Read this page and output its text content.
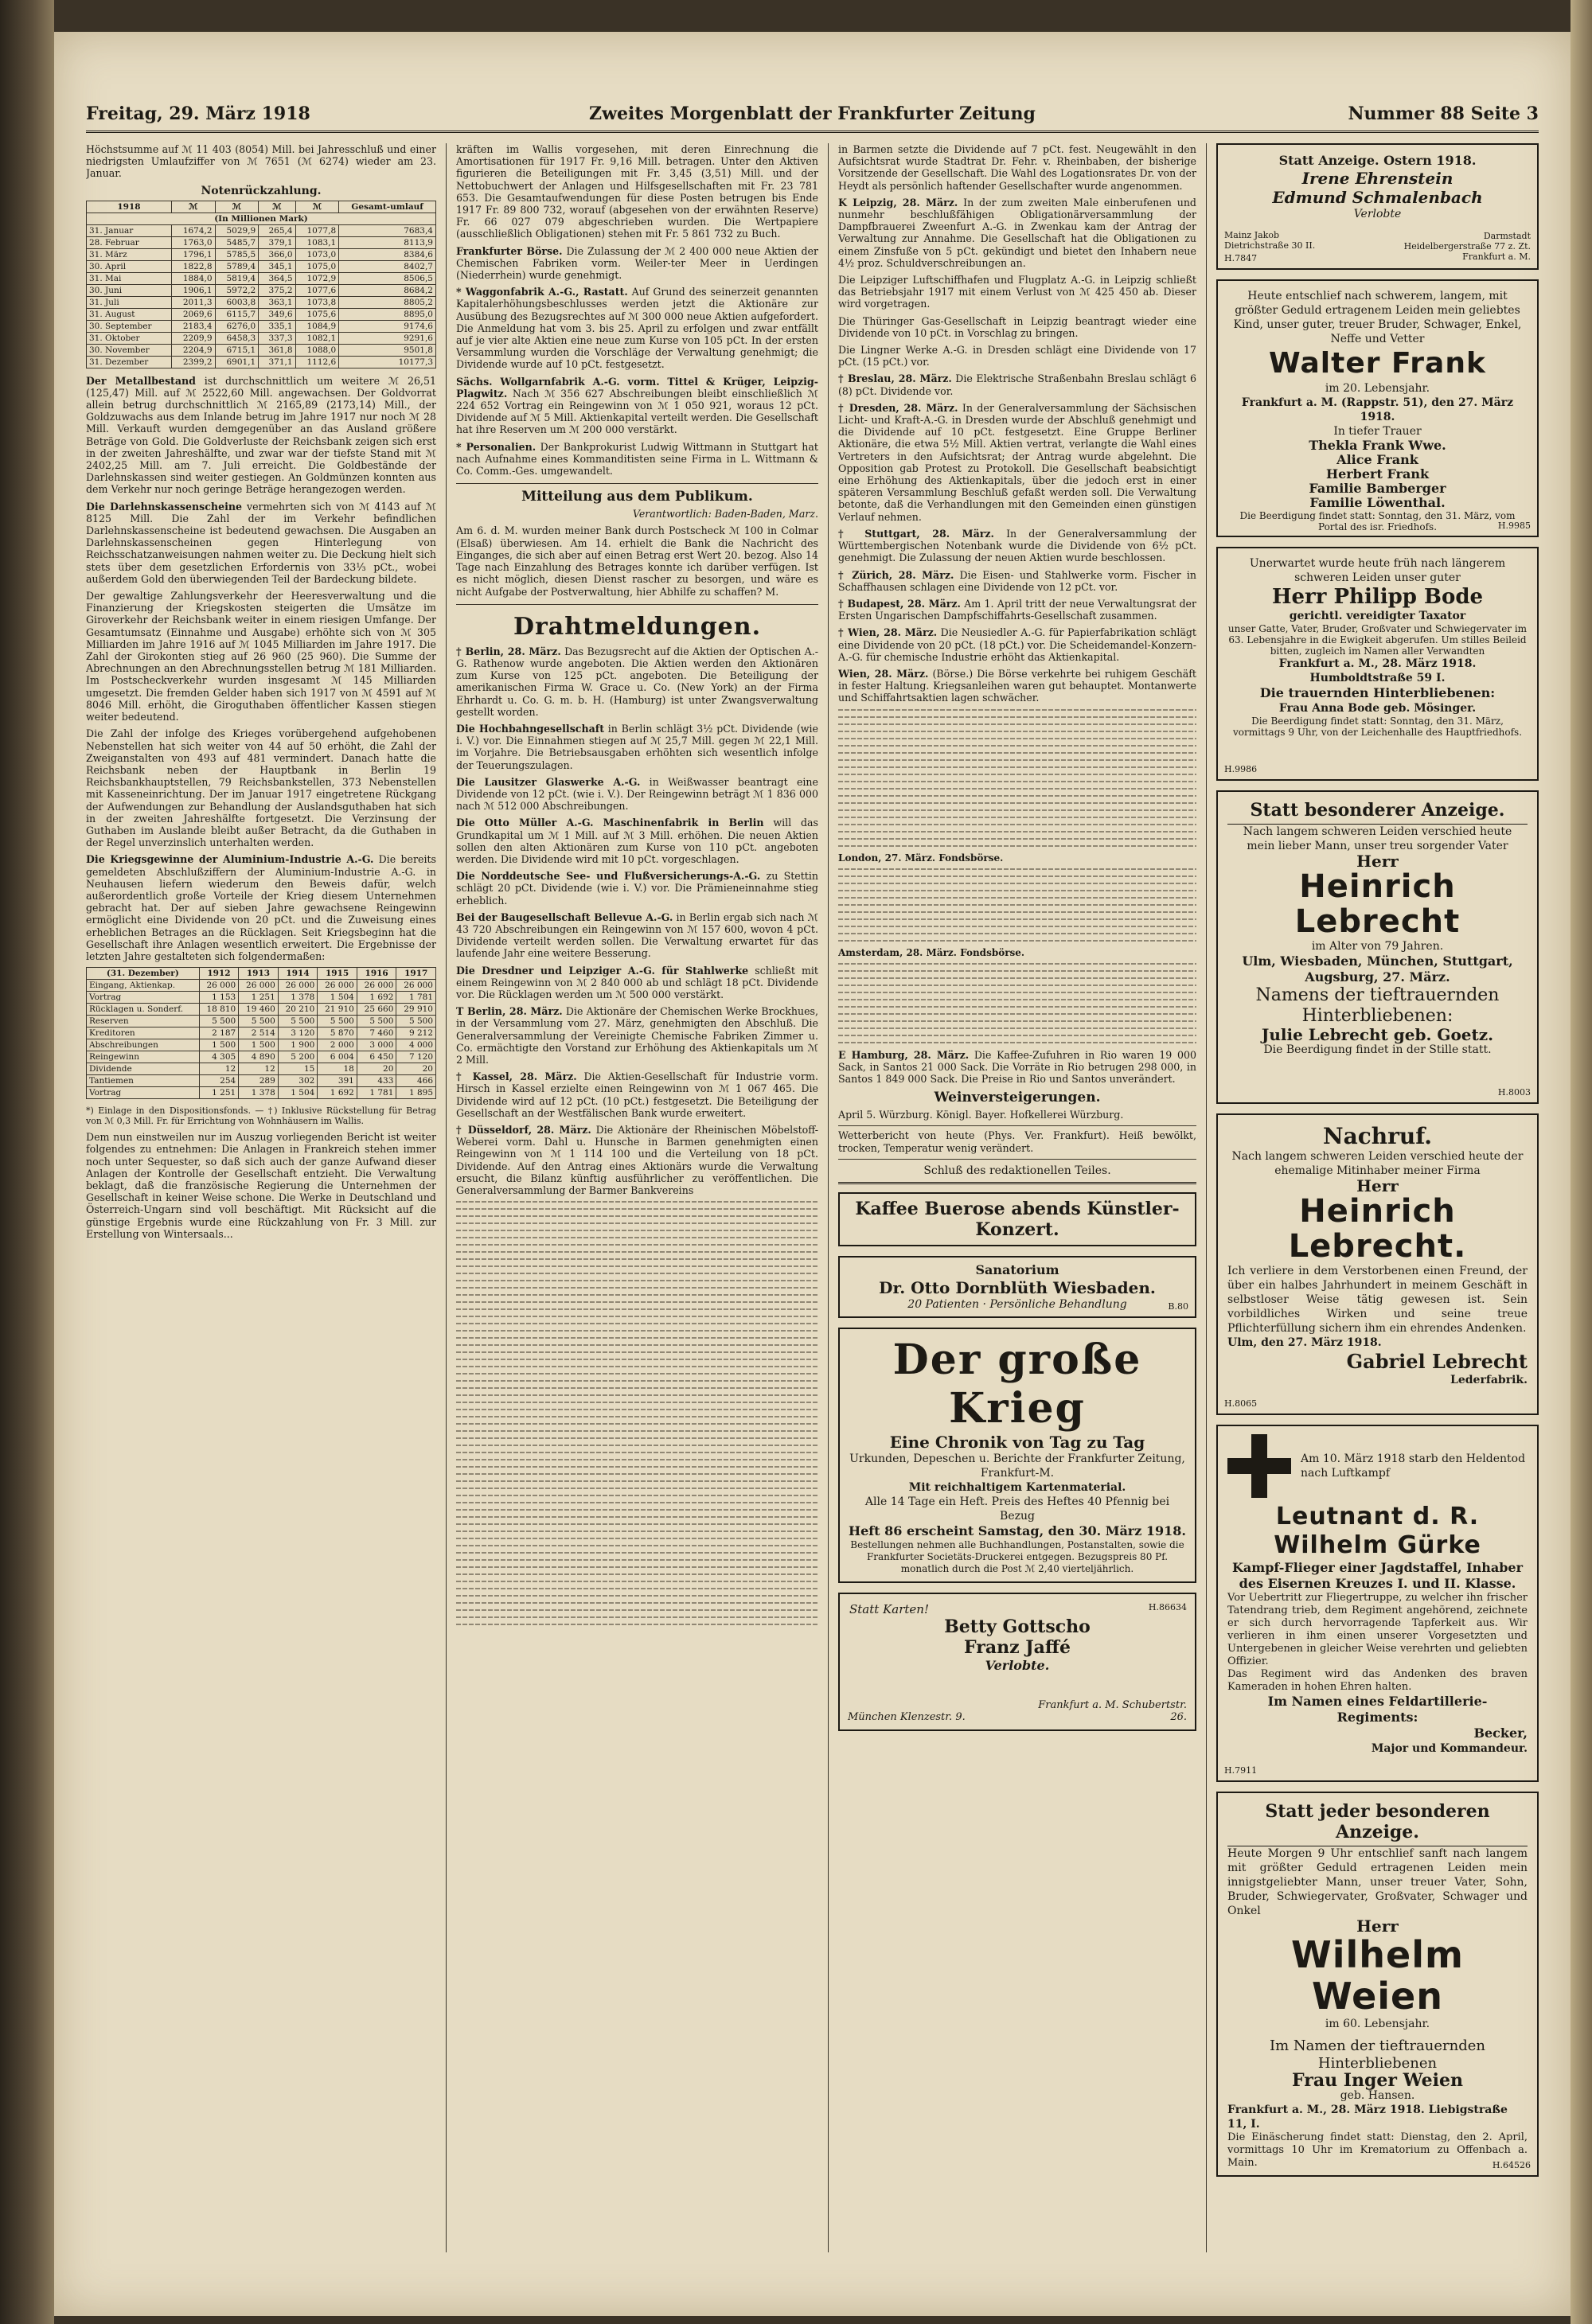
Freitag, 29. März 1918	Zweites Morgenblatt der Frankfurter Zeitung	Nummer 88 Seite 3
Höchstsumme auf ℳ 11 403 (8054) Mill. bei Jahresschluß und einer niedrigsten Umlaufziffer von ℳ 7651 (ℳ 6274) wieder am 23. Januar.
Notenrückzahlung.
1918	ℳ	ℳ	ℳ	ℳ	Gesamt-umlauf
(In Millionen Mark)					
31. Januar	1674,2	5029,9	265,4	1077,8	7683,4
28. Februar	1763,0	5485,7	379,1	1083,1	8113,9
31. März	1796,1	5785,5	366,0	1073,0	8384,6
30. April	1822,8	5789,4	345,1	1075,0	8402,7
31. Mai	1884,0	5819,4	364,5	1072,9	8506,5
30. Juni	1906,1	5972,2	375,2	1077,6	8684,2
31. Juli	2011,3	6003,8	363,1	1073,8	8805,2
31. August	2069,6	6115,7	349,6	1075,6	8895,0
30. September	2183,4	6276,0	335,1	1084,9	9174,6
31. Oktober	2209,9	6458,3	337,3	1082,1	9291,6
30. November	2204,9	6715,1	361,8	1088,0	9501,8
31. Dezember	2399,2	6901,1	371,1	1112,6	10177,3
Der Metallbestand ist durchschnittlich um weitere ℳ 26,51 (125,47) Mill. auf ℳ 2522,60 Mill. angewachsen. Der Goldvorrat allein betrug durchschnittlich ℳ 2165,89 (2173,14) Mill., der Goldzuwachs aus dem Inlande betrug im Jahre 1917 nur noch ℳ 28 Mill. Verkauft wurden demgegenüber an das Ausland größere Beträge von Gold. Die Goldverluste der Reichsbank zeigen sich erst in der zweiten Jahreshälfte, und zwar war der tiefste Stand mit ℳ 2402,25 Mill. am 7. Juli erreicht. Die Goldbestände der Darlehnskassen sind weiter gestiegen. An Goldmünzen konnten aus dem Verkehr nur noch geringe Beträge herangezogen werden.
Die Darlehnskassenscheine vermehrten sich von ℳ 4143 auf ℳ 8125 Mill. Die Zahl der im Verkehr befindlichen Darlehnskassenscheine ist bedeutend gewachsen. Die Ausgaben an Darlehnskassenscheinen gegen Hinterlegung von Reichsschatzanweisungen nahmen weiter zu. Die Deckung hielt sich stets über dem gesetzlichen Erfordernis von 33⅓ pCt., wobei außerdem Gold den überwiegenden Teil der Bardeckung bildete.
Der gewaltige Zahlungsverkehr der Heeresverwaltung und die Finanzierung der Kriegskosten steigerten die Umsätze im Giroverkehr der Reichsbank weiter in einem riesigen Umfange. Der Gesamtumsatz (Einnahme und Ausgabe) erhöhte sich von ℳ 305 Milliarden im Jahre 1916 auf ℳ 1045 Milliarden im Jahre 1917. Die Zahl der Girokonten stieg auf 26 960 (25 960). Die Summe der Abrechnungen an den Abrechnungsstellen betrug ℳ 181 Milliarden. Im Postscheckverkehr wurden insgesamt ℳ 145 Milliarden umgesetzt. Die fremden Gelder haben sich 1917 von ℳ 4591 auf ℳ 8046 Mill. erhöht, die Giroguthaben öffentlicher Kassen stiegen weiter bedeutend.
Die Zahl der infolge des Krieges vorübergehend aufgehobenen Nebenstellen hat sich weiter von 44 auf 50 erhöht, die Zahl der Zweiganstalten von 493 auf 481 vermindert. Danach hatte die Reichsbank neben der Hauptbank in Berlin 19 Reichsbankhauptstellen, 79 Reichsbankstellen, 373 Nebenstellen mit Kasseneinrichtung. Der im Januar 1917 eingetretene Rückgang der Aufwendungen zur Behandlung der Auslandsguthaben hat sich in der zweiten Jahreshälfte fortgesetzt. Die Verzinsung der Guthaben im Auslande bleibt außer Betracht, da die Guthaben in der Regel unverzinslich unterhalten werden.
Die Kriegsgewinne der Aluminium-Industrie A.-G. Die bereits gemeldeten Abschlußziffern der Aluminium-Industrie A.-G. in Neuhausen liefern wiederum den Beweis dafür, welch außerordentlich große Vorteile der Krieg diesem Unternehmen gebracht hat. Der auf sieben Jahre gewachsene Reingewinn ermöglicht eine Dividende von 20 pCt. und die Zuweisung eines erheblichen Betrages an die Rücklagen. Seit Kriegsbeginn hat die Gesellschaft ihre Anlagen wesentlich erweitert. Die Ergebnisse der letzten Jahre gestalteten sich folgendermaßen:
(31. Dezember)	1912	1913	1914	1915	1916	1917
Eingang, Aktienkap.	26 000	26 000	26 000	26 000	26 000	26 000
Vortrag	1 153	1 251	1 378	1 504	1 692	1 781
Rücklagen u. Sonderf.	18 810	19 460	20 210	21 910	25 660	29 910
Reserven	5 500	5 500	5 500	5 500	5 500	5 500
Kreditoren	2 187	2 514	3 120	5 870	7 460	9 212
Abschreibungen	1 500	1 500	1 900	2 000	3 000	4 000
Reingewinn	4 305	4 890	5 200	6 004	6 450	7 120
Dividende	12	12	15	18	20	20
Tantiemen	254	289	302	391	433	466
Vortrag	1 251	1 378	1 504	1 692	1 781	1 895
*) Einlage in den Dispositionsfonds. — †) Inklusive Rückstellung für Betrag von ℳ 0,3 Mill. Fr. für Errichtung von Wohnhäusern im Wallis.
Dem nun einstweilen nur im Auszug vorliegenden Bericht ist weiter folgendes zu entnehmen: Die Anlagen in Frankreich stehen immer noch unter Sequester, so daß sich auch der ganze Aufwand dieser Anlagen der Kontrolle der Gesellschaft entzieht. Die Verwaltung beklagt, daß die französische Regierung die Unternehmen der Gesellschaft in keiner Weise schone. Die Werke in Deutschland und Österreich-Ungarn sind voll beschäftigt. Mit Rücksicht auf die günstige Ergebnis wurde eine Rückzahlung von Fr. 3 Mill. zur Erstellung von Wintersaals...
kräften im Wallis vorgesehen, mit deren Einrechnung die Amortisationen für 1917 Fr. 9,16 Mill. betragen. Unter den Aktiven figurieren die Beteiligungen mit Fr. 3,45 (3,51) Mill. und der Nettobuchwert der Anlagen und Hilfsgesellschaften mit Fr. 23 781 653. Die Gesamtaufwendungen für diese Posten betrugen bis Ende 1917 Fr. 89 800 732, worauf (abgesehen von der erwähnten Reserve) Fr. 66 027 079 abgeschrieben wurden. Die Wertpapiere (ausschließlich Obligationen) stehen mit Fr. 5 861 732 zu Buch.
Frankfurter Börse. Die Zulassung der ℳ 2 400 000 neue Aktien der Chemischen Fabriken vorm. Weiler-ter Meer in Uerdingen (Niederrhein) wurde genehmigt.
* Waggonfabrik A.-G., Rastatt. Auf Grund des seinerzeit genannten Kapitalerhöhungsbeschlusses werden jetzt die Aktionäre zur Ausübung des Bezugsrechtes auf ℳ 300 000 neue Aktien aufgefordert. Die Anmeldung hat vom 3. bis 25. April zu erfolgen und zwar entfällt auf je vier alte Aktien eine neue zum Kurse von 105 pCt. In der ersten Versammlung wurden die Vorschläge der Verwaltung genehmigt; die Dividende wurde auf 10 pCt. festgesetzt.
Sächs. Wollgarnfabrik A.-G. vorm. Tittel & Krüger, Leipzig-Plagwitz. Nach ℳ 356 627 Abschreibungen bleibt einschließlich ℳ 224 652 Vortrag ein Reingewinn von ℳ 1 050 921, woraus 12 pCt. Dividende auf ℳ 5 Mill. Aktienkapital verteilt werden. Die Gesellschaft hat ihre Reserven um ℳ 200 000 verstärkt.
* Personalien. Der Bankprokurist Ludwig Wittmann in Stuttgart hat nach Aufnahme eines Kommanditisten seine Firma in L. Wittmann & Co. Comm.-Ges. umgewandelt.
Mitteilung aus dem Publikum.
Verantwortlich: Baden-Baden, Marz.
Am 6. d. M. wurden meiner Bank durch Postscheck ℳ 100 in Colmar (Elsaß) überwiesen. Am 14. erhielt die Bank die Nachricht des Einganges, die sich aber auf einen Betrag erst Wert 20. bezog. Also 14 Tage nach Einzahlung des Betrages konnte ich darüber verfügen. Ist es nicht möglich, diesen Dienst rascher zu besorgen, und wäre es nicht Aufgabe der Postverwaltung, hier Abhilfe zu schaffen? M.
Drahtmeldungen.
† Berlin, 28. März. Das Bezugsrecht auf die Aktien der Optischen A.-G. Rathenow wurde angeboten. Die Aktien werden den Aktionären zum Kurse von 125 pCt. angeboten. Die Beteiligung der amerikanischen Firma W. Grace u. Co. (New York) an der Firma Ehrhardt u. Co. G. m. b. H. (Hamburg) ist unter Zwangsverwaltung gestellt worden.
Die Hochbahngesellschaft in Berlin schlägt 3½ pCt. Dividende (wie i. V.) vor. Die Einnahmen stiegen auf ℳ 25,7 Mill. gegen ℳ 22,1 Mill. im Vorjahre. Die Betriebsausgaben erhöhten sich wesentlich infolge der Teuerungszulagen.
Die Lausitzer Glaswerke A.-G. in Weißwasser beantragt eine Dividende von 12 pCt. (wie i. V.). Der Reingewinn beträgt ℳ 1 836 000 nach ℳ 512 000 Abschreibungen.
Die Otto Müller A.-G. Maschinenfabrik in Berlin will das Grundkapital um ℳ 1 Mill. auf ℳ 3 Mill. erhöhen. Die neuen Aktien sollen den alten Aktionären zum Kurse von 110 pCt. angeboten werden. Die Dividende wird mit 10 pCt. vorgeschlagen.
Die Norddeutsche See- und Flußversicherungs-A.-G. zu Stettin schlägt 20 pCt. Dividende (wie i. V.) vor. Die Prämieneinnahme stieg erheblich.
Bei der Baugesellschaft Bellevue A.-G. in Berlin ergab sich nach ℳ 43 720 Abschreibungen ein Reingewinn von ℳ 157 600, wovon 4 pCt. Dividende verteilt werden sollen. Die Verwaltung erwartet für das laufende Jahr eine weitere Besserung.
Die Dresdner und Leipziger A.-G. für Stahlwerke schließt mit einem Reingewinn von ℳ 2 840 000 ab und schlägt 18 pCt. Dividende vor. Die Rücklagen werden um ℳ 500 000 verstärkt.
T Berlin, 28. März. Die Aktionäre der Chemischen Werke Brockhues, in der Versammlung vom 27. März, genehmigten den Abschluß. Die Generalversammlung der Vereinigte Chemische Fabriken Zimmer u. Co. ermächtigte den Vorstand zur Erhöhung des Aktienkapitals um ℳ 2 Mill.
† Kassel, 28. März. Die Aktien-Gesellschaft für Industrie vorm. Hirsch in Kassel erzielte einen Reingewinn von ℳ 1 067 465. Die Dividende wird auf 12 pCt. (10 pCt.) festgesetzt. Die Beteiligung der Gesellschaft an der Westfälischen Bank wurde erweitert.
† Düsseldorf, 28. März. Die Aktionäre der Rheinischen Möbelstoff-Weberei vorm. Dahl u. Hunsche in Barmen genehmigten einen Reingewinn von ℳ 1 114 100 und die Verteilung von 18 pCt. Dividende. Auf den Antrag eines Aktionärs wurde die Verwaltung ersucht, die Bilanz künftig ausführlicher zu veröffentlichen. Die Generalversammlung der Barmer Bankvereins
in Barmen setzte die Dividende auf 7 pCt. fest. Neugewählt in den Aufsichtsrat wurde Stadtrat Dr. Fehr. v. Rheinbaben, der bisherige Vorsitzende der Gesellschaft. Die Wahl des Logationsrates Dr. von der Heydt als persönlich haftender Gesellschafter wurde angenommen.
K Leipzig, 28. März. In der zum zweiten Male einberufenen und nunmehr beschlußfähigen Obligationärversammlung der Dampfbrauerei Zweenfurt A.-G. in Zwenkau kam der Antrag der Verwaltung zur Annahme. Die Gesellschaft hat die Obligationen zu einem Zinsfuße von 5 pCt. gekündigt und bietet den Inhabern neue 4½ proz. Schuldverschreibungen an.
Die Leipziger Luftschiffhafen und Flugplatz A.-G. in Leipzig schließt das Betriebsjahr 1917 mit einem Verlust von ℳ 425 450 ab. Dieser wird vorgetragen.
Die Thüringer Gas-Gesellschaft in Leipzig beantragt wieder eine Dividende von 10 pCt. in Vorschlag zu bringen.
Die Lingner Werke A.-G. in Dresden schlägt eine Dividende von 17 pCt. (15 pCt.) vor.
† Breslau, 28. März. Die Elektrische Straßenbahn Breslau schlägt 6 (8) pCt. Dividende vor.
† Dresden, 28. März. In der Generalversammlung der Sächsischen Licht- und Kraft-A.-G. in Dresden wurde der Abschluß genehmigt und die Dividende auf 10 pCt. festgesetzt. Eine Gruppe Berliner Aktionäre, die etwa 5½ Mill. Aktien vertrat, verlangte die Wahl eines Vertreters in den Aufsichtsrat; der Antrag wurde abgelehnt. Die Opposition gab Protest zu Protokoll. Die Gesellschaft beabsichtigt eine Erhöhung des Aktienkapitals, über die jedoch erst in einer späteren Versammlung Beschluß gefaßt werden soll. Die Verwaltung betonte, daß die Verhandlungen mit den Gemeinden einen günstigen Verlauf nehmen.
† Stuttgart, 28. März. In der Generalversammlung der Württembergischen Notenbank wurde die Dividende von 6½ pCt. genehmigt. Die Zulassung der neuen Aktien wurde beschlossen.
† Zürich, 28. März. Die Eisen- und Stahlwerke vorm. Fischer in Schaffhausen schlagen eine Dividende von 12 pCt. vor.
† Budapest, 28. März. Am 1. April tritt der neue Verwaltungsrat der Ersten Ungarischen Dampfschiffahrts-Gesellschaft zusammen.
† Wien, 28. März. Die Neusiedler A.-G. für Papierfabrikation schlägt eine Dividende von 20 pCt. (18 pCt.) vor. Die Scheidemandel-Konzern-A.-G. für chemische Industrie erhöht das Aktienkapital.
Wien, 28. März. (Börse.) Die Börse verkehrte bei ruhigem Geschäft in fester Haltung. Kriegsanleihen waren gut behauptet. Montanwerte und Schiffahrtsaktien lagen schwächer.
London, 27. März. Fondsbörse.
Amsterdam, 28. März. Fondsbörse.
E Hamburg, 28. März. Die Kaffee-Zufuhren in Rio waren 19 000 Sack, in Santos 21 000 Sack. Die Vorräte in Rio betrugen 298 000, in Santos 1 849 000 Sack. Die Preise in Rio und Santos unverändert.
Weinversteigerungen.
April 5. Würzburg. Königl. Bayer. Hofkellerei Würzburg.
Wetterbericht von heute (Phys. Ver. Frankfurt). Heiß bewölkt, trocken, Temperatur wenig verändert.
Schluß des redaktionellen Teiles.
Kaffee Buerose abends Künstler-Konzert.
Sanatorium
Dr. Otto Dornblüth Wiesbaden.
20 Patienten · Persönliche Behandlung	B.80
Der große Krieg
Eine Chronik von Tag zu Tag
Urkunden, Depeschen u. Berichte der Frankfurter Zeitung, Frankfurt-M.
Mit reichhaltigem Kartenmaterial.
Alle 14 Tage ein Heft. Preis des Heftes 40 Pfennig bei Bezug
Heft 86 erscheint Samstag, den 30. März 1918.
Bestellungen nehmen alle Buchhandlungen, Postanstalten, sowie die Frankfurter Societäts-Druckerei entgegen. Bezugspreis 80 Pf. monatlich durch die Post ℳ 2,40 vierteljährlich.
Statt Karten!	H.86634
Betty Gottscho
Franz Jaffé
Verlobte.
München Klenzestr. 9.
Frankfurt a. M. Schubertstr. 26.
Statt Anzeige. Ostern 1918.
Irene Ehrenstein
Edmund Schmalenbach
Verlobte
Mainz Jakob Dietrichstraße 30 II.
Darmstadt Heidelbergerstraße 77 z. Zt. Frankfurt a. M.
H.7847
Heute entschlief nach schwerem, langem, mit größter Geduld ertragenem Leiden mein geliebtes Kind, unser guter, treuer Bruder, Schwager, Enkel, Neffe und Vetter
Walter Frank
im 20. Lebensjahr.
Frankfurt a. M. (Rappstr. 51), den 27. März 1918.
In tiefer Trauer
Thekla Frank Wwe.
Alice Frank
Herbert Frank
Familie Bamberger
Familie Löwenthal.
Die Beerdigung findet statt: Sonntag, den 31. März, vom Portal des isr. Friedhofs.	H.9985
Unerwartet wurde heute früh nach längerem schweren Leiden unser guter
Herr Philipp Bode
gerichtl. vereidigter Taxator
unser Gatte, Vater, Bruder, Großvater und Schwiegervater im 63. Lebensjahre in die Ewigkeit abgerufen. Um stilles Beileid bitten, zugleich im Namen aller Verwandten
Frankfurt a. M., 28. März 1918. Humboldtstraße 59 I.
Die trauernden Hinterbliebenen:
Frau Anna Bode geb. Mösinger.
Die Beerdigung findet statt: Sonntag, den 31. März, vormittags 9 Uhr, von der Leichenhalle des Hauptfriedhofs.
H.9986
Statt besonderer Anzeige.
Nach langem schweren Leiden verschied heute mein lieber Mann, unser treu sorgender Vater
Herr
Heinrich Lebrecht
im Alter von 79 Jahren.
Ulm, Wiesbaden, München, Stuttgart, Augsburg, 27. März.
Namens der tieftrauernden Hinterbliebenen:
Julie Lebrecht geb. Goetz.
Die Beerdigung findet in der Stille statt.
H.8003
Nachruf.
Nach langem schweren Leiden verschied heute der ehemalige Mitinhaber meiner Firma
Herr
Heinrich Lebrecht.
Ich verliere in dem Verstorbenen einen Freund, der über ein halbes Jahrhundert in meinem Geschäft in selbstloser Weise tätig gewesen ist. Sein vorbildliches Wirken und seine treue Pflichterfüllung sichern ihm ein ehrendes Andenken.
Ulm, den 27. März 1918.
Gabriel Lebrecht
Lederfabrik.
H.8065
Am 10. März 1918 starb den Heldentod nach Luftkampf
Leutnant d. R. Wilhelm Gürke
Kampf-Flieger einer Jagdstaffel, Inhaber des Eisernen Kreuzes I. und II. Klasse.
Vor Uebertritt zur Fliegertruppe, zu welcher ihn frischer Tatendrang trieb, dem Regiment angehörend, zeichnete er sich durch hervorragende Tapferkeit aus. Wir verlieren in ihm einen unserer Vorgesetzten und Untergebenen in gleicher Weise verehrten und geliebten Offizier.
Das Regiment wird das Andenken des braven Kameraden in hohen Ehren halten.
Im Namen eines Feldartillerie-Regiments:
Becker,
Major und Kommandeur.
H.7911
Statt jeder besonderen Anzeige.
Heute Morgen 9 Uhr entschlief sanft nach langem mit größter Geduld ertragenen Leiden mein innigstgeliebter Mann, unser treuer Vater, Sohn, Bruder, Schwiegervater, Großvater, Schwager und Onkel
Herr
Wilhelm Weien
im 60. Lebensjahr.
Im Namen der tieftrauernden Hinterbliebenen
Frau Inger Weien
geb. Hansen.
Frankfurt a. M., 28. März 1918. Liebigstraße 11, I.
Die Einäscherung findet statt: Dienstag, den 2. April, vormittags 10 Uhr im Krematorium zu Offenbach a. Main.	H.64526
